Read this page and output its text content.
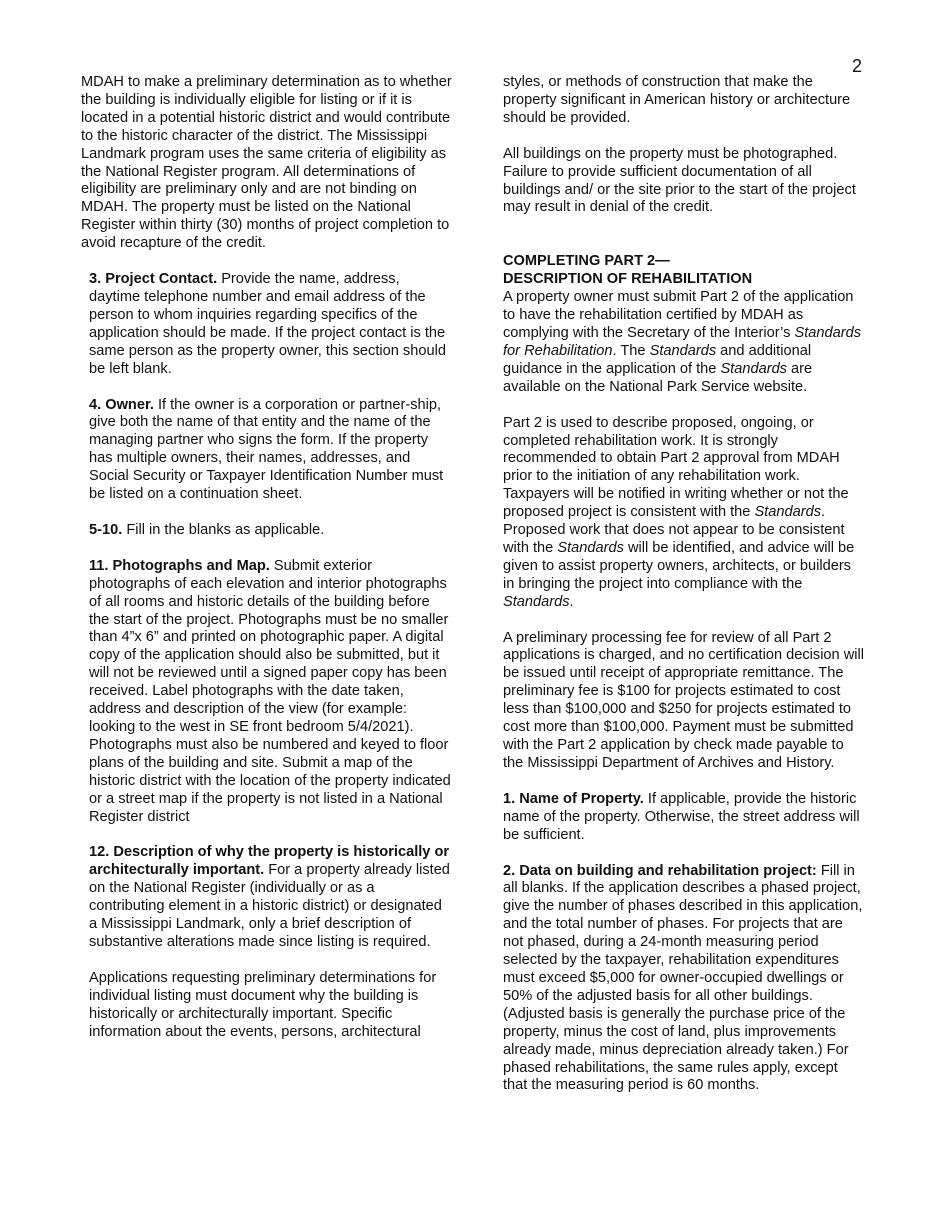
2

MDAH to make a preliminary determination as to whether the building is individually eligible for listing or if it is located in a potential historic district and would contribute to the historic character of the district. The Mississippi Landmark program uses the same criteria of eligibility as the National Register program. All determinations of eligibility are preliminary only and are not binding on MDAH. The property must be listed on the National Register within thirty (30) months of project completion to avoid recapture of the credit.

3. Project Contact. Provide the name, address, daytime telephone number and email address of the person to whom inquiries regarding specifics of the application should be made. If the project contact is the same person as the property owner, this section should be left blank.

4. Owner. If the owner is a corporation or partner-ship, give both the name of that entity and the name of the managing partner who signs the form. If the property has multiple owners, their names, addresses, and Social Security or Taxpayer Identification Number must be listed on a continuation sheet.

5-10. Fill in the blanks as applicable.

11. Photographs and Map. Submit exterior photographs of each elevation and interior photographs of all rooms and historic details of the building before the start of the project. Photographs must be no smaller than 4”x 6” and printed on photographic paper. A digital copy of the application should also be submitted, but it will not be reviewed until a signed paper copy has been received. Label photographs with the date taken, address and description of the view (for example: looking to the west in SE front bedroom 5/4/2021). Photographs must also be numbered and keyed to floor plans of the building and site. Submit a map of the historic district with the location of the property indicated or a street map if the property is not listed in a National Register district

12. Description of why the property is historically or architecturally important. For a property already listed on the National Register (individually or as a contributing element in a historic district) or designated a Mississippi Landmark, only a brief description of substantive alterations made since listing is required.

Applications requesting preliminary determinations for individual listing must document why the building is historically or architecturally important. Specific information about the events, persons, architectural

styles, or methods of construction that make the property significant in American history or architecture should be provided.

All buildings on the property must be photographed. Failure to provide sufficient documentation of all buildings and/ or the site prior to the start of the project may result in denial of the credit.

COMPLETING PART 2—
DESCRIPTION OF REHABILITATION

A property owner must submit Part 2 of the application to have the rehabilitation certified by MDAH as complying with the Secretary of the Interior’s Standards for Rehabilitation. The Standards and additional guidance in the application of the Standards are available on the National Park Service website.

Part 2 is used to describe proposed, ongoing, or completed rehabilitation work. It is strongly recommended to obtain Part 2 approval from MDAH prior to the initiation of any rehabilitation work. Taxpayers will be notified in writing whether or not the proposed project is consistent with the Standards. Proposed work that does not appear to be consistent with the Standards will be identified, and advice will be given to assist property owners, architects, or builders in bringing the project into compliance with the Standards.

A preliminary processing fee for review of all Part 2 applications is charged, and no certification decision will be issued until receipt of appropriate remittance. The preliminary fee is $100 for projects estimated to cost less than $100,000 and $250 for projects estimated to cost more than $100,000. Payment must be submitted with the Part 2 application by check made payable to the Mississippi Department of Archives and History.

1. Name of Property. If applicable, provide the historic name of the property. Otherwise, the street address will be sufficient.

2. Data on building and rehabilitation project: Fill in all blanks. If the application describes a phased project, give the number of phases described in this application, and the total number of phases. For projects that are not phased, during a 24-month measuring period selected by the taxpayer, rehabilitation expenditures must exceed $5,000 for owner-occupied dwellings or 50% of the adjusted basis for all other buildings. (Adjusted basis is generally the purchase price of the property, minus the cost of land, plus improvements already made, minus depreciation already taken.) For phased rehabilitations, the same rules apply, except that the measuring period is 60 months.
